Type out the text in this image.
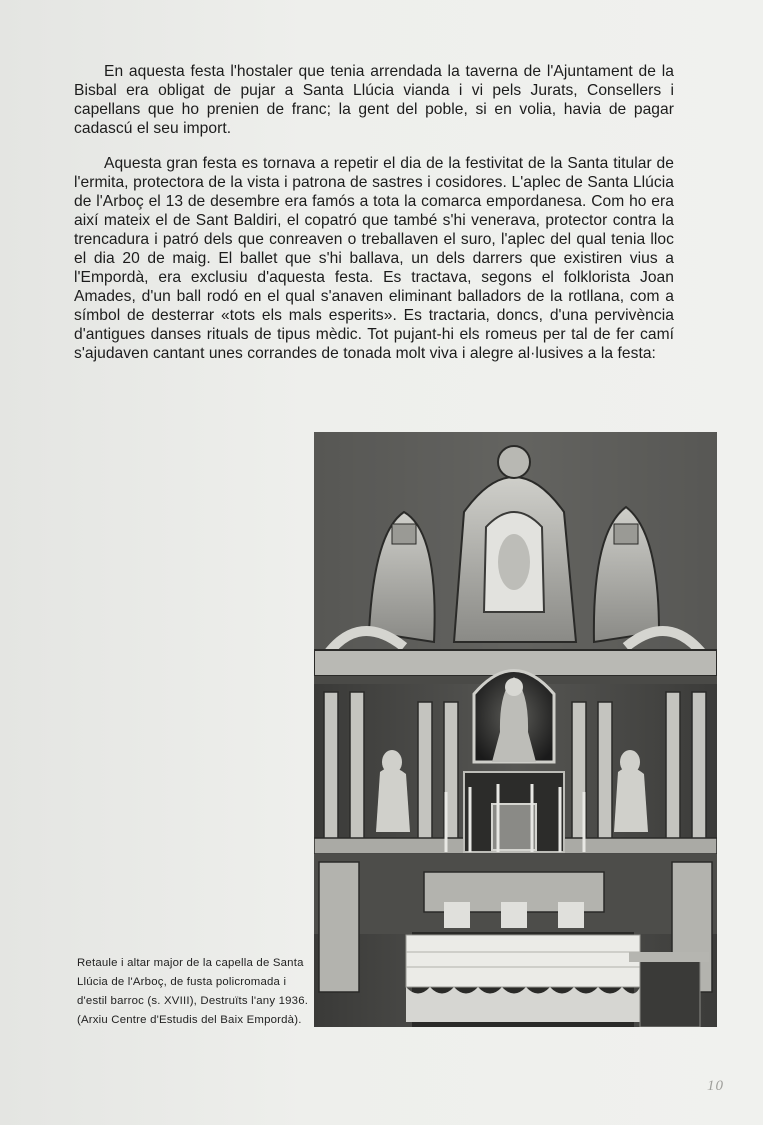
En aquesta festa l'hostaler que tenia arrendada la taverna de l'Ajuntament de la Bisbal era obligat de pujar a Santa Llúcia vianda i vi pels Jurats, Consellers i capellans que ho prenien de franc; la gent del poble, si en volia, havia de pagar cadascú el seu import.

Aquesta gran festa es tornava a repetir el dia de la festivitat de la Santa titular de l'ermita, protectora de la vista i patrona de sastres i cosidores. L'aplec de Santa Llúcia de l'Arboç el 13 de desembre era famós a tota la comarca empordanesa. Com ho era així mateix el de Sant Baldiri, el copatró que també s'hi venerava, protector contra la trencadura i patró dels que conreaven o treballaven el suro, l'aplec del qual tenia lloc el dia 20 de maig. El ballet que s'hi ballava, un dels darrers que existiren vius a l'Empordà, era exclusiu d'aquesta festa. Es tractava, segons el folklorista Joan Amades, d'un ball rodó en el qual s'anaven eliminant balladors de la rotllana, com a símbol de desterrar «tots els mals esperits». Es tractaria, doncs, d'una pervivència d'antigues danses rituals de tipus mèdic. Tot pujant-hi els romeus per tal de fer camí s'ajudaven cantant unes corrandes de tonada molt viva i alegre al·lusives a la festa:

Retaule i altar major de la capella de Santa Llúcia de l'Arboç, de fusta policromada i d'estil barroc (s. XVIII), Destruïts l'any 1936. (Arxiu Centre d'Estudis del Baix Empordà).

10
